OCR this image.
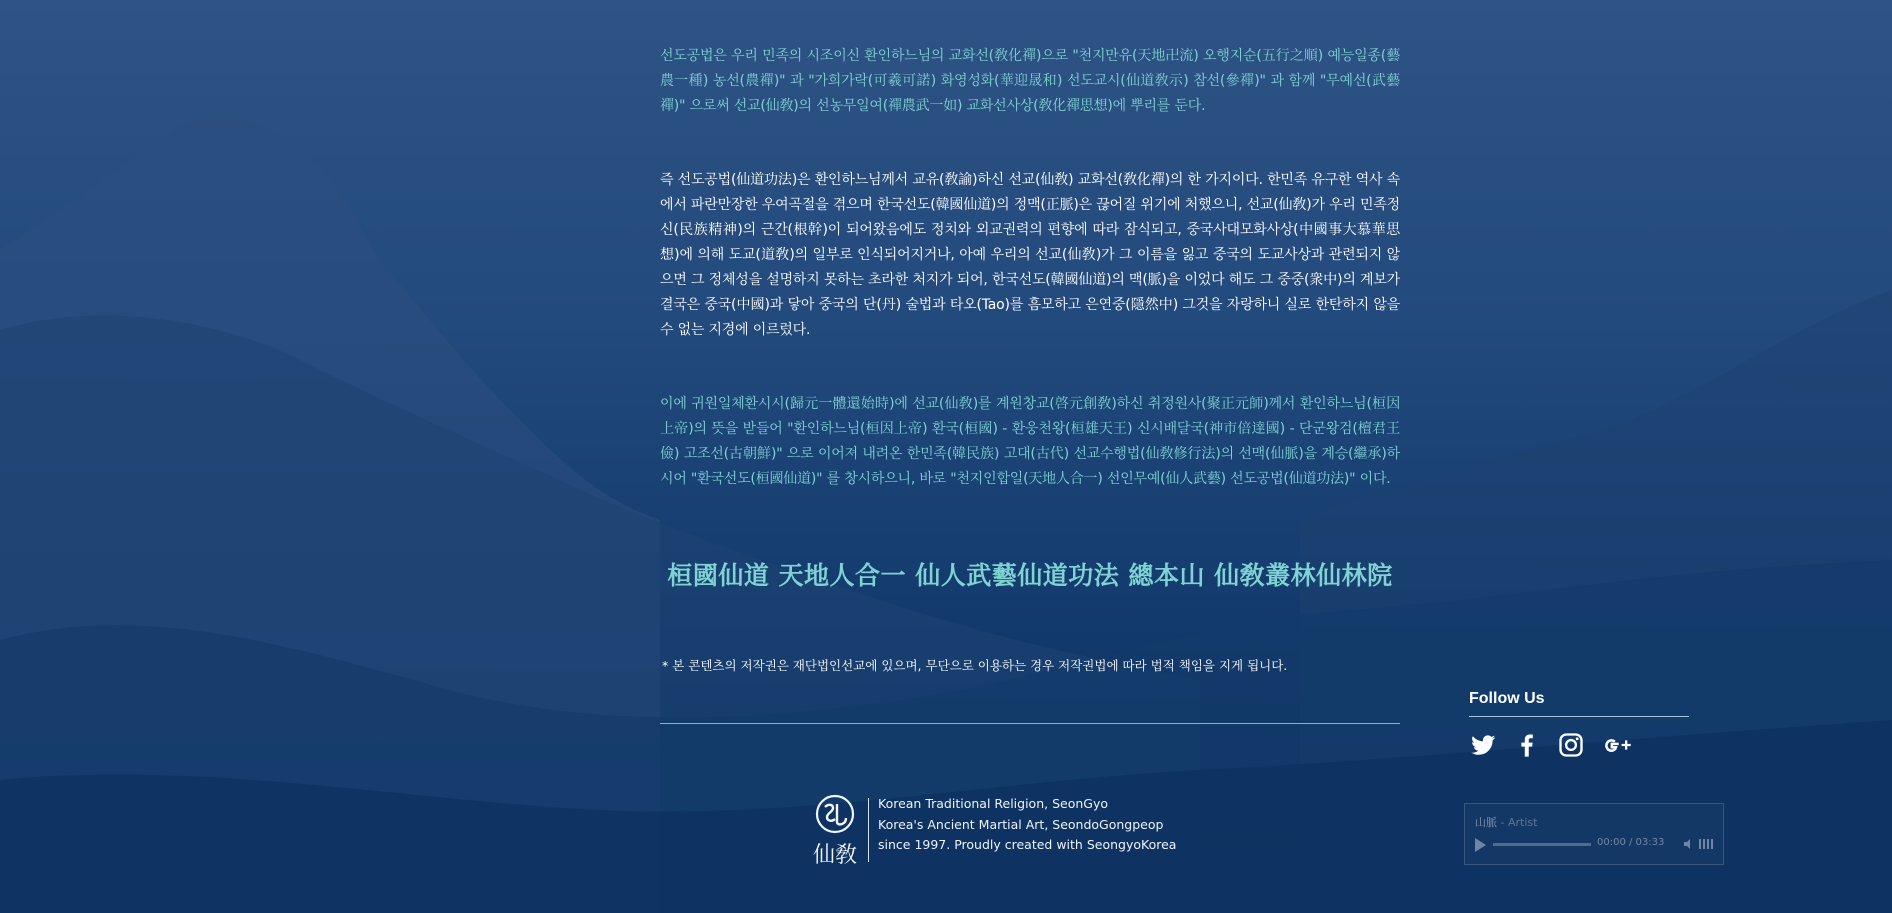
선도공법은 우리 민족의 시조이신 환인하느님의 교화선(敎化禪)으로 "천지만유(天地卍流) 오행지순(五行之順) 예능일종(藝農一種) 농선(農禪)" 과 "가희가락(可羲可諾) 화영성화(華迎晟和) 선도교시(仙道敎示) 참선(參禪)" 과 함께 "무예선(武藝禪)" 으로써 선교(仙敎)의 선농무일여(禪農武一如) 교화선사상(敎化禪思想)에 뿌리를 둔다.

즉 선도공법(仙道功法)은 환인하느님께서 교유(敎諭)하신 선교(仙敎) 교화선(敎化禪)의 한 가지이다. 한민족 유구한 역사 속에서 파란만장한 우여곡절을 겪으며 한국선도(韓國仙道)의 정맥(正脈)은 끊어질 위기에 처했으니, 선교(仙敎)가 우리 민족정신(民族精神)의 근간(根幹)이 되어왔음에도 정치와 외교권력의 편향에 따라 잠식되고, 중국사대모화사상(中國事大慕華思想)에 의해 도교(道敎)의 일부로 인식되어지거나, 아예 우리의 선교(仙敎)가 그 이름을 잃고 중국의 도교사상과 관련되지 않으면 그 정체성을 설명하지 못하는 초라한 처지가 되어, 한국선도(韓國仙道)의 맥(脈)을 이었다 해도 그 중중(衆中)의 계보가 결국은 중국(中國)과 닿아 중국의 단(丹) 술법과 타오(Tao)를 흠모하고 은연중(隱然中) 그것을 자랑하니 실로 한탄하지 않을 수 없는 지경에 이르렀다.

이에 귀원일체환시시(歸元一體還始時)에 선교(仙敎)를 계원창교(啓元創敎)하신 취정원사(聚正元師)께서 환인하느님(桓因上帝)의 뜻을 받들어 "환인하느님(桓因上帝) 환국(桓國) - 환웅천왕(桓雄天王) 신시배달국(神市倍達國) - 단군왕검(檀君王儉) 고조선(古朝鮮)" 으로 이어져 내려온 한민족(韓民族) 고대(古代) 선교수행법(仙敎修行法)의 선맥(仙脈)을 계승(繼承)하시어 "환국선도(桓國仙道)" 를 창시하으니, 바로 "천지인합일(天地人合一) 선인무예(仙人武藝) 선도공법(仙道功法)" 이다.

桓國仙道 天地人合一 仙人武藝仙道功法 總本山 仙敎叢林仙林院
* 본 콘텐츠의 저작권은 재단법인선교에 있으며, 무단으로 이용하는 경우 저작권법에 따라 법적 책임을 지게 됩니다.
仙敎
Korean Traditional Religion, SeonGyo
Korea's Ancient Martial Art, SeondoGongpeop
since 1997. Proudly created with SeongyoKorea
Follow Us
山脈 - Artist
00:00 / 03:33
